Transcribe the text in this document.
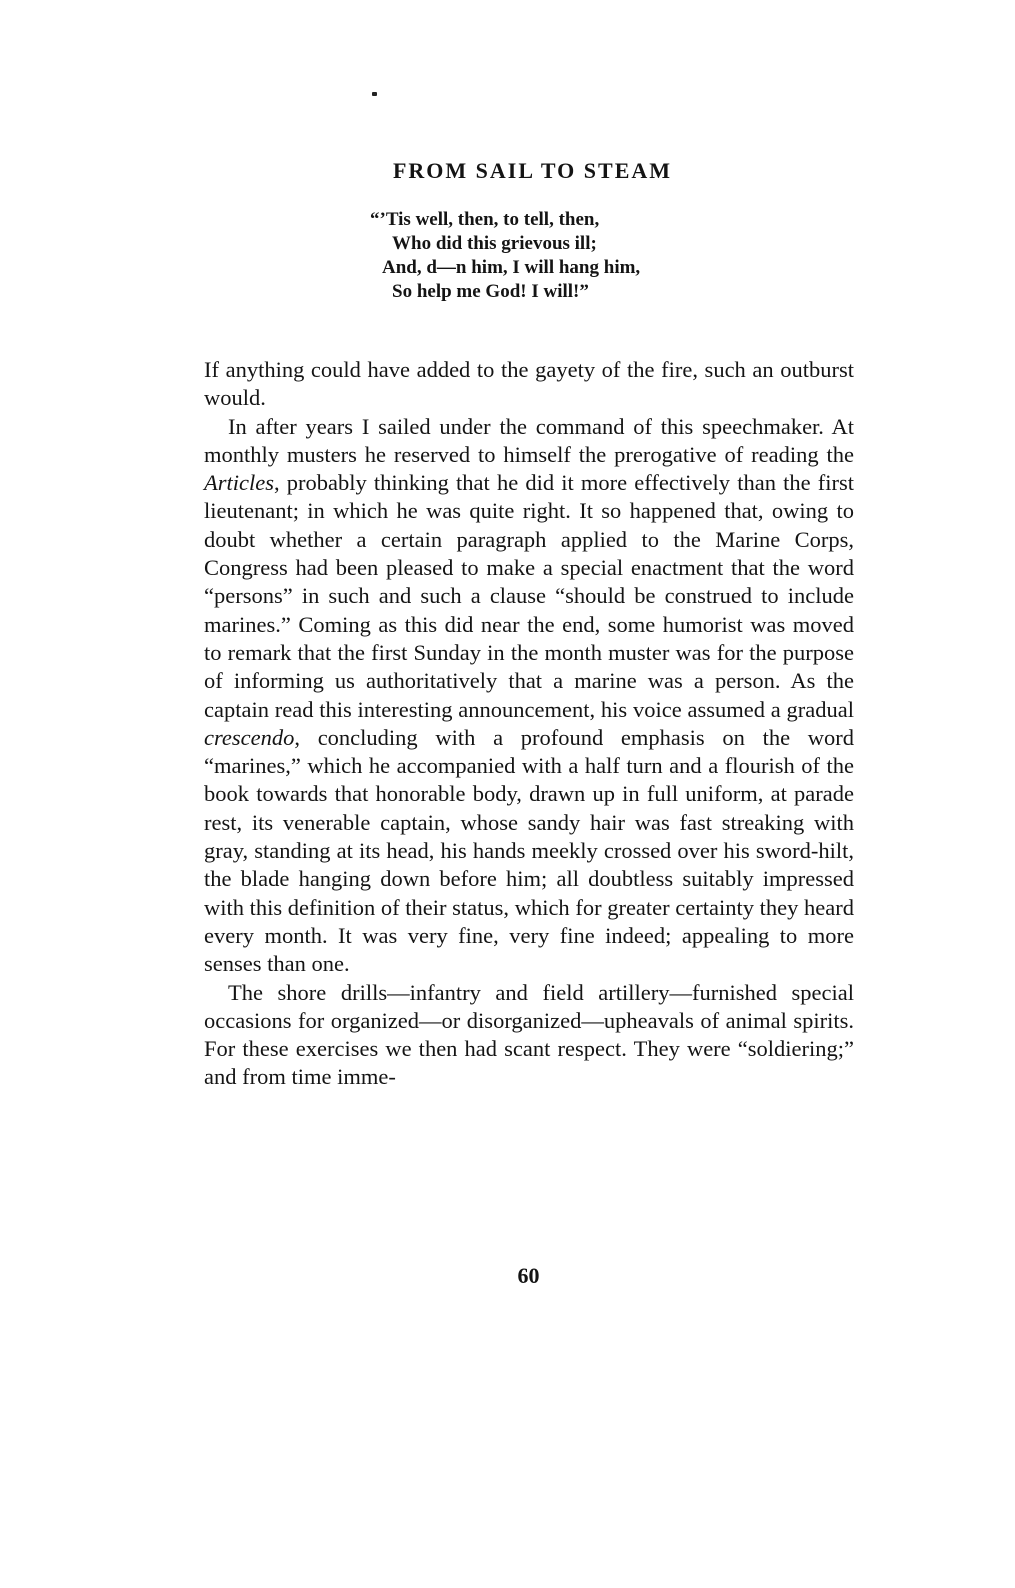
FROM SAIL TO STEAM
“’Tis well, then, to tell, then,
Who did this grievous ill;
And, d—n him, I will hang him,
So help me God! I will!”

If anything could have added to the gayety of the fire, such an outburst would.

In after years I sailed under the command of this speechmaker. At monthly musters he reserved to himself the prerogative of reading the Articles, probably thinking that he did it more effectively than the first lieutenant; in which he was quite right. It so happened that, owing to doubt whether a certain paragraph applied to the Marine Corps, Congress had been pleased to make a special enactment that the word “persons” in such and such a clause “should be construed to include marines.” Coming as this did near the end, some humorist was moved to remark that the first Sunday in the month muster was for the purpose of informing us authoritatively that a marine was a person. As the captain read this interesting announcement, his voice assumed a gradual crescendo, concluding with a profound emphasis on the word “marines,” which he accompanied with a half turn and a flourish of the book towards that honorable body, drawn up in full uniform, at parade rest, its venerable captain, whose sandy hair was fast streaking with gray, standing at its head, his hands meekly crossed over his sword-hilt, the blade hanging down before him; all doubtless suitably impressed with this definition of their status, which for greater certainty they heard every month. It was very fine, very fine indeed; appealing to more senses than one.

The shore drills—infantry and field artillery—furnished special occasions for organized—or disorganized—upheavals of animal spirits. For these exercises we then had scant respect. They were “soldiering;” and from time imme-

60
